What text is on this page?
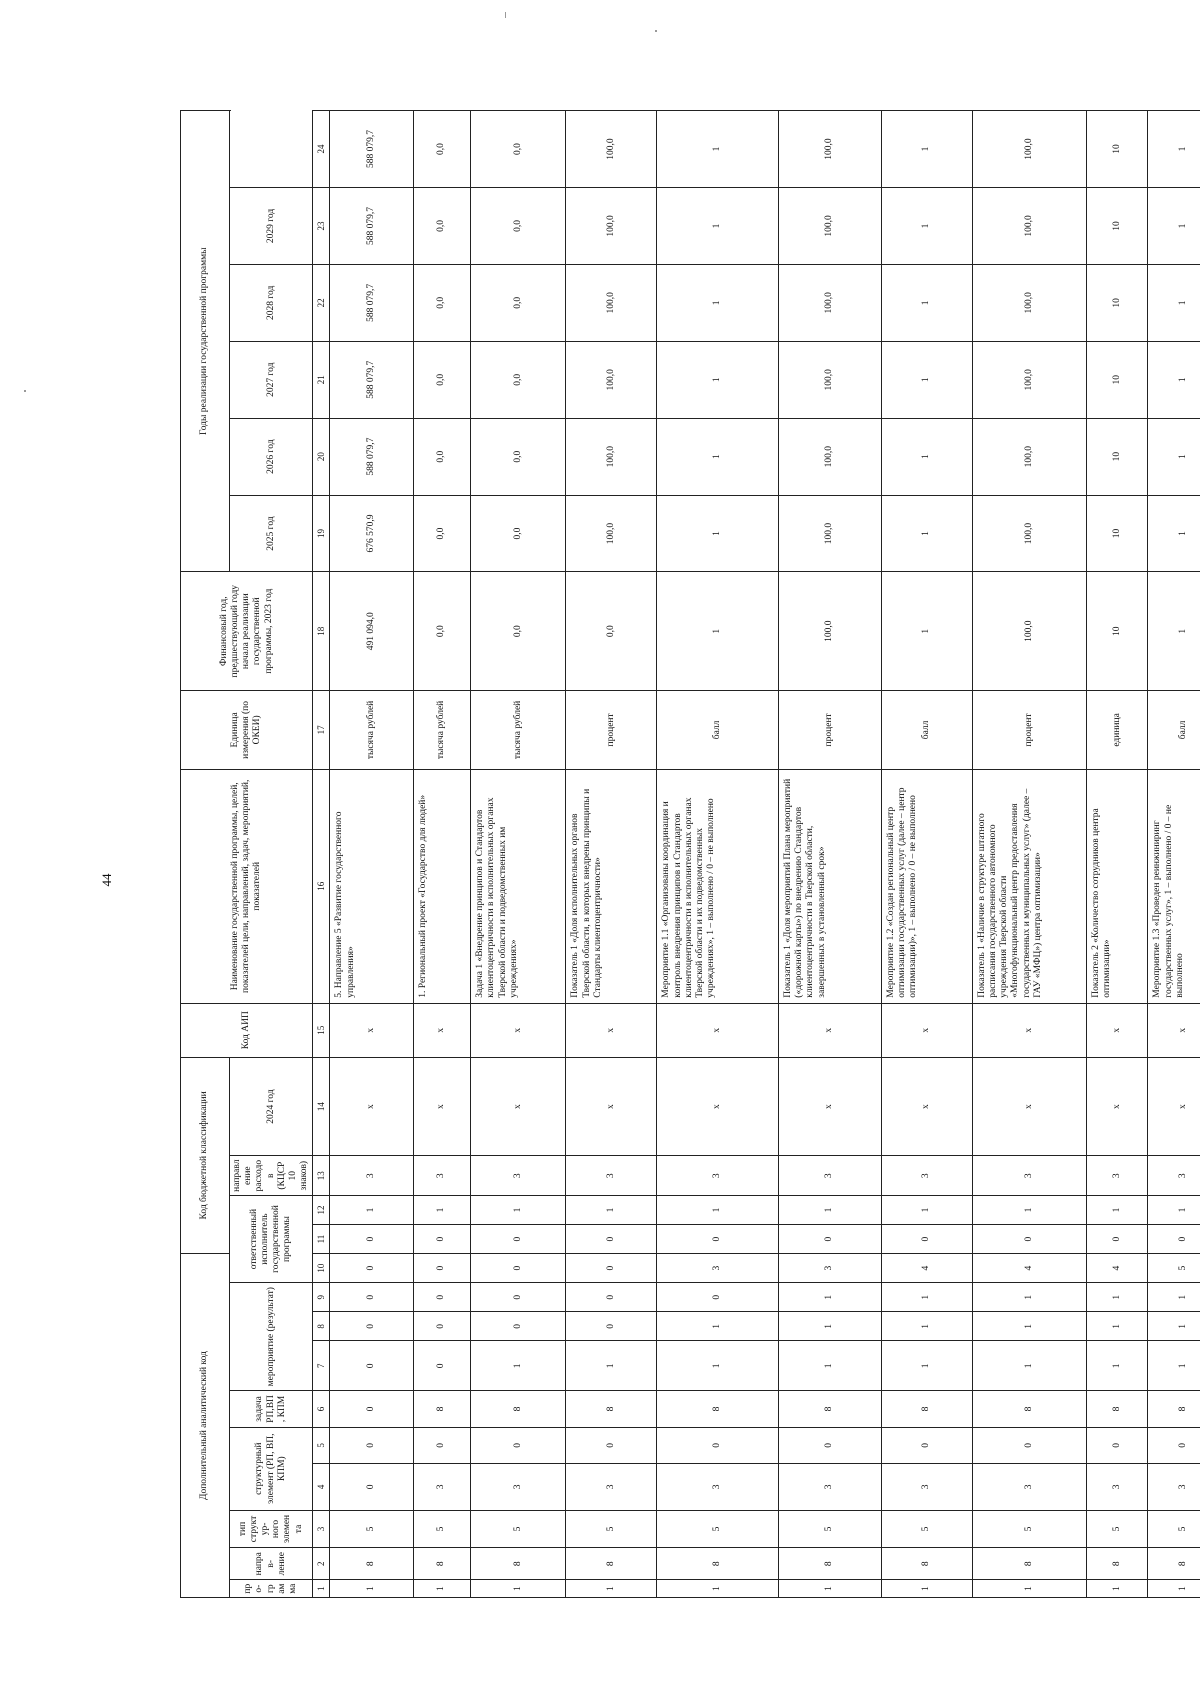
44
Дополнительный аналитический код										Код бюджетной классификации				Код АИП	Наименование государственной программы, целей, показателей цели, направлений, задач, мероприятий, показателей	Единица измерения (по ОКЕИ)	Финансовый год, предшествующий году начала реализации государственной программы, 2023 год	Годы реализации государственной программы					
про-грамма	направ-ление	тип структур-ного элемента	структурный элемент (РП, ВП, КПМ)		задача РП,ВП, КПМ	мероприятие (результат)			ответственный исполнитель государственной программы			направление расходов (КЦСР 10 знаков)											
													2024 год					2025 год	2026 год	2027 год	2028 год	2029 год	
1	2	3	4	5	6	7	8	9	10	11	12	13	14	15	16	17	18	19	20	21	22	23	24
1	8	5	0	0	0	0	0	0	0	0	1	3	х	х	5. Направление 5 «Развитие государственного управления»	тысяча рублей	491 094,0	676 570,9	588 079,7	588 079,7	588 079,7	588 079,7	588 079,7
1	8	5	3	0	8	0	0	0	0	0	1	3	х	х	1. Региональный проект «Государство для людей»	тысяча рублей	0,0	0,0	0,0	0,0	0,0	0,0	0,0
1	8	5	3	0	8	1	0	0	0	0	1	3	х	х	Задача 1 «Внедрение принципов и Стандартов клиентоцентричности в исполнительных органах Тверской области и подведомственных им учреждениях»	тысяча рублей	0,0	0,0	0,0	0,0	0,0	0,0	0,0
1	8	5	3	0	8	1	0	0	0	0	1	3	х	х	Показатель 1 «Доля исполнительных органов Тверской области, в которых внедрены принципы и Стандарты клиентоцентричности»	процент	0,0	100,0	100,0	100,0	100,0	100,0	100,0
1	8	5	3	0	8	1	1	0	3	0	1	3	х	х	Мероприятие 1.1 «Организованы координация и контроль внедрения принципов и Стандартов клиентоцентричности в исполнительных органах Тверской области и их подведомственных учреждениях», 1 – выполнено / 0 – не выполнено	балл	1	1	1	1	1	1	1
1	8	5	3	0	8	1	1	1	3	0	1	3	х	х	Показатель 1 «Доля мероприятий Плана мероприятий («дорожной карты») по внедрению Стандартов клиентоцентричности в Тверской области, завершенных в установленный срок»	процент	100,0	100,0	100,0	100,0	100,0	100,0	100,0
1	8	5	3	0	8	1	1	1	4	0	1	3	х	х	Мероприятие 1.2 «Создан региональный центр оптимизации государственных услуг (далее – центр оптимизации)», 1 – выполнено / 0 – не выполнено	балл	1	1	1	1	1	1	1
1	8	5	3	0	8	1	1	1	4	0	1	3	х	х	Показатель 1 «Наличие в структуре штатного расписания государственного автономного учреждения Тверской области «Многофункциональный центр предоставления государственных и муниципальных услуг» (далее – ГАУ «МФЦ») центра оптимизации»	процент	100,0	100,0	100,0	100,0	100,0	100,0	100,0
1	8	5	3	0	8	1	1	1	4	0	1	3	х	х	Показатель 2 «Количество сотрудников центра оптимизации»	единица	10	10	10	10	10	10	10
1	8	5	3	0	8	1	1	1	5	0	1	3	х	х	Мероприятие 1.3 «Проведен реинжиниринг государственных услуг», 1 – выполнено / 0 – не выполнено	балл	1	1	1	1	1	1	1
